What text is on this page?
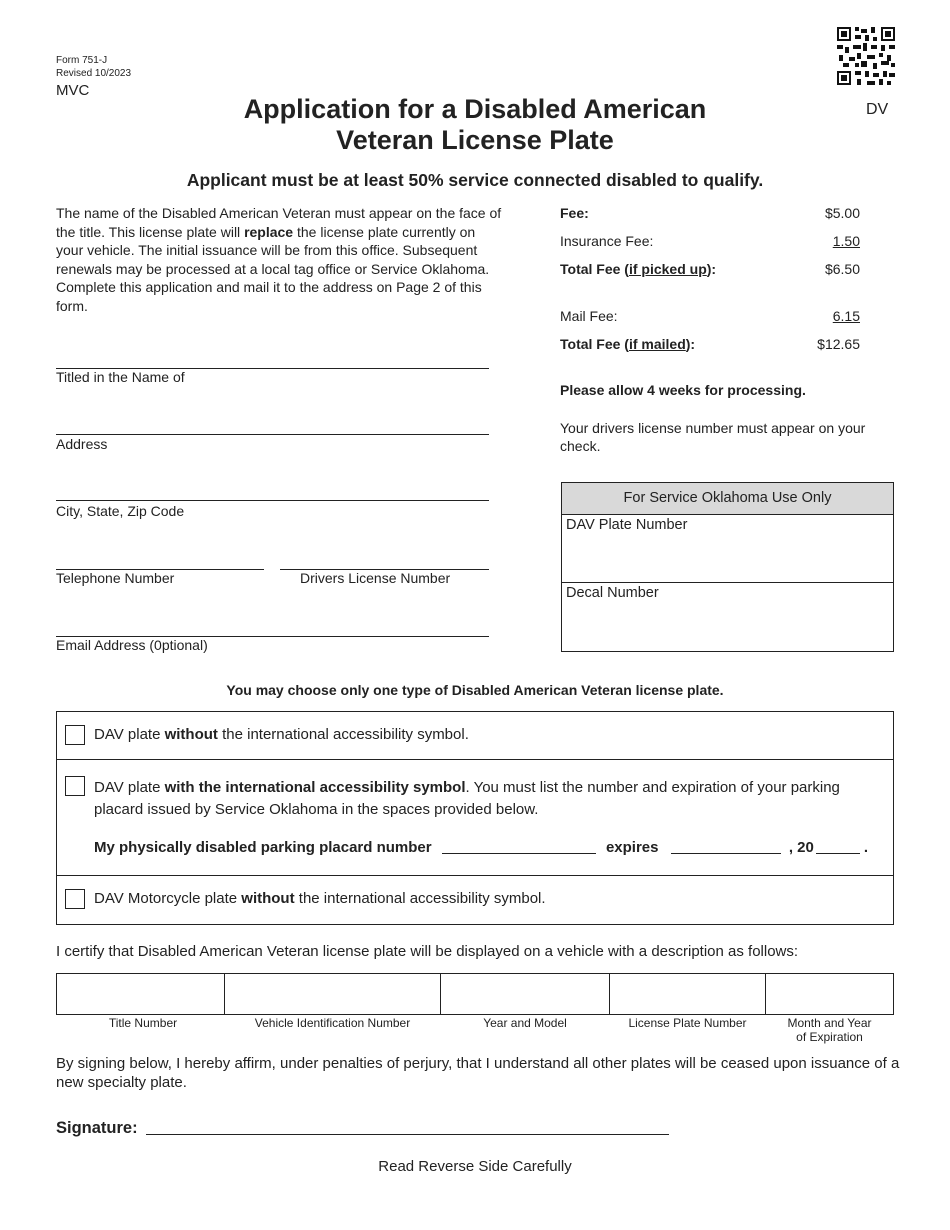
Form 751-J
Revised 10/2023
MVC
Application for a Disabled American
Veteran License Plate
DV
Applicant must be at least 50% service connected disabled to qualify.
The name of the Disabled American Veteran must appear on the face of the title. This license plate will replace the license plate currently on your vehicle. The initial issuance will be from this office. Subsequent renewals may be processed at a local tag office or Service Oklahoma. Complete this application and mail it to the address on Page 2 of this form.
Titled in the Name of
Address
City, State, Zip Code
Telephone Number	Drivers License Number
Email Address (0ptional)
Fee:	$5.00
Insurance Fee:	1.50
Total Fee (if picked up):	$6.50
Mail Fee:	6.15
Total Fee (if mailed):	$12.65
Please allow 4 weeks for processing.
Your drivers license number must appear on your check.
For Service Oklahoma Use Only
DAV Plate Number
Decal Number
You may choose only one type of Disabled American Veteran license plate.
DAV plate without the international accessibility symbol.
DAV plate with the international accessibility symbol. You must list the number and expiration of your parking placard issued by Service Oklahoma in the spaces provided below.
My physically disabled parking placard number	expires	, 20	.
DAV Motorcycle plate without the international accessibility symbol.
I certify that Disabled American Veteran license plate will be displayed on a vehicle with a description as follows:
Title Number	Vehicle Identification Number	Year and Model	License Plate Number	Month and Year
of Expiration
By signing below, I hereby affirm, under penalties of perjury, that I understand all other plates will be ceased upon issuance of a new specialty plate.
Signature:
Read Reverse Side Carefully
